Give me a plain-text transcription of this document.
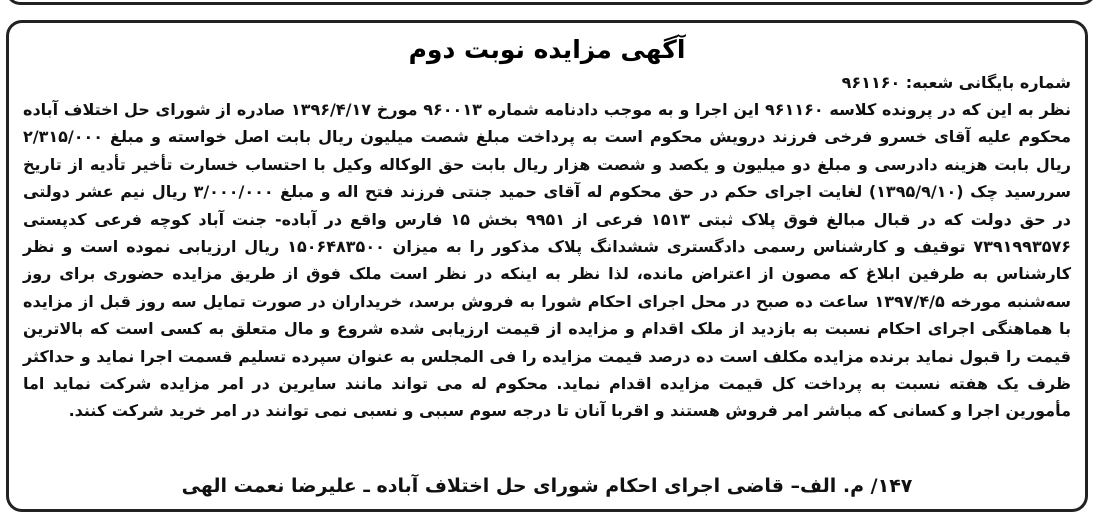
آگهی مزایده نوبت دوم
شماره بایگانی شعبه: ۹۶۱۱۶۰
نظر به این که در پرونده کلاسه ۹۶۱۱۶۰ این اجرا و به موجب دادنامه شماره ۹۶۰۰۱۳ مورخ ۱۳۹۶/۴/۱۷ صادره از شورای حل اختلاف آباده محکوم علیه آقای خسرو فرخی فرزند درویش محکوم است به پرداخت مبلغ شصت میلیون ریال بابت اصل خواسته و مبلغ ۲/۳۱۵/۰۰۰ ریال بابت هزینه دادرسی و مبلغ دو میلیون و یکصد و شصت هزار ریال بابت حق الوکاله وکیل با احتساب خسارت تأخیر تأدیه از تاریخ سررسید چک (۱۳۹۵/۹/۱۰) لغایت اجرای حکم در حق محکوم له آقای حمید جنتی فرزند فتح اله و مبلغ ۳/۰۰۰/۰۰۰ ریال نیم عشر دولتی در حق دولت که در قبال مبالغ فوق پلاک ثبتی ۱۵۱۳ فرعی از ۹۹۵۱ بخش ۱۵ فارس واقع در آباده- جنت آباد کوچه فرعی کدپستی ۷۳۹۱۹۹۳۵۷۶ توقیف و کارشناس رسمی دادگستری ششدانگ پلاک مذکور را به میزان ۱۵۰۶۴۸۳۵۰۰ ریال ارزیابی نموده است و نظر کارشناس به طرفین ابلاغ که مصون از اعتراض مانده، لذا نظر به اینکه در نظر است ملک فوق از طریق مزایده حضوری برای روز سه‌شنبه مورخه ۱۳۹۷/۴/۵ ساعت ده صبح در محل اجرای احکام شورا به فروش برسد، خریداران در صورت تمایل سه روز قبل از مزایده با هماهنگی اجرای احکام نسبت به بازدید از ملک اقدام و مزایده از قیمت ارزیابی شده شروع و مال متعلق به کسی است که بالاترین قیمت را قبول نماید برنده مزایده مکلف است ده درصد قیمت مزایده را فی المجلس به عنوان سپرده تسلیم قسمت اجرا نماید و حداکثر ظرف یک هفته نسبت به پرداخت کل قیمت مزایده اقدام نماید. محکوم له می تواند مانند سایرین در امر مزایده شرکت نماید اما مأمورین اجرا و کسانی که مباشر امر فروش هستند و اقربا آنان تا درجه سوم سببی و نسبی نمی توانند در امر خرید شرکت کنند.
۱۴۷/ م. الف– قاضی اجرای احکام شورای حل اختلاف آباده ـ علیرضا نعمت الهی
